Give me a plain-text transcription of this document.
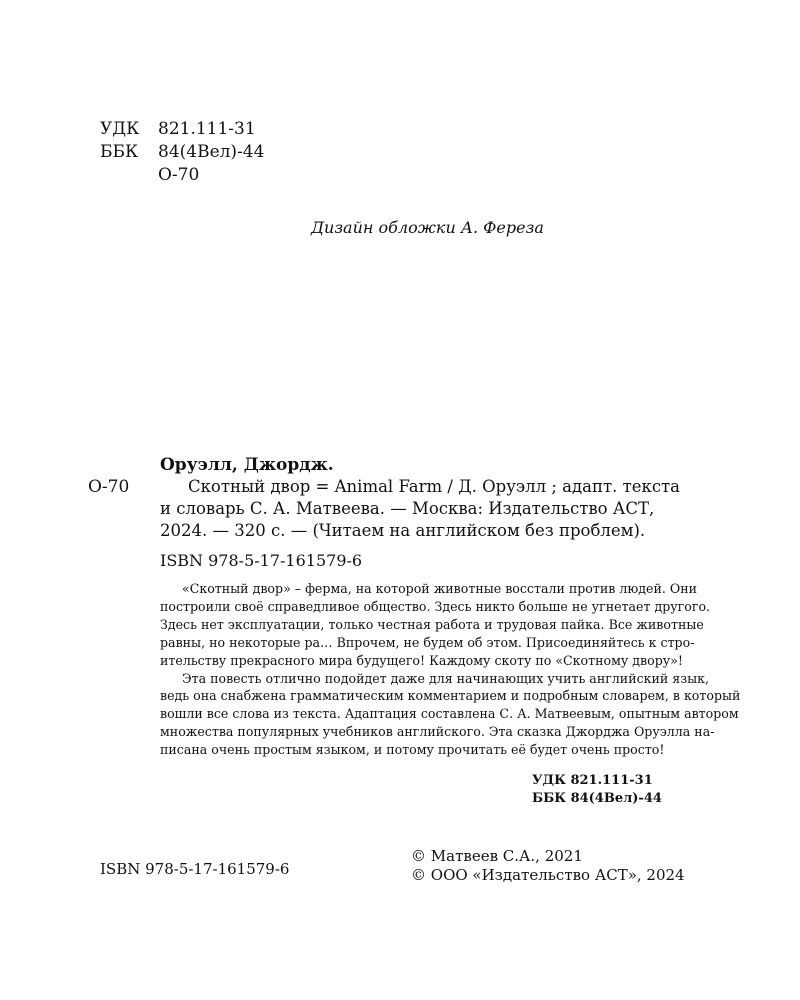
УДК 821.111-31
ББК 84(4Вел)-44
О-70
Дизайн обложки А. Фереза
Оруэлл, Джордж.
О-70	Скотный двор = Animal Farm / Д. Оруэлл ; адапт. текста
и словарь С. А. Матвеева. — Москва: Издательство АСТ,
2024. — 320 с. — (Читаем на английском без проблем).
ISBN 978-5-17-161579-6
«Скотный двор» – ферма, на которой животные восстали против людей. Они
построили своё справедливое общество. Здесь никто больше не угнетает другого.
Здесь нет эксплуатации, только честная работа и трудовая пайка. Все животные
равны, но некоторые ра… Впрочем, не будем об этом. Присоединяйтесь к стро-
ительству прекрасного мира будущего! Каждому скоту по «Скотному двору»!
Эта повесть отлично подойдет даже для начинающих учить английский язык,
ведь она снабжена грамматическим комментарием и подробным словарем, в который
вошли все слова из текста. Адаптация составлена С. А. Матвеевым, опытным автором
множества популярных учебников английского. Эта сказка Джорджа Оруэлла на-
писана очень простым языком, и потому прочитать её будет очень просто!
УДК 821.111-31
ББК 84(4Вел)-44
ISBN 978-5-17-161579-6
© Матвеев С.А., 2021
© ООО «Издательство АСТ», 2024
